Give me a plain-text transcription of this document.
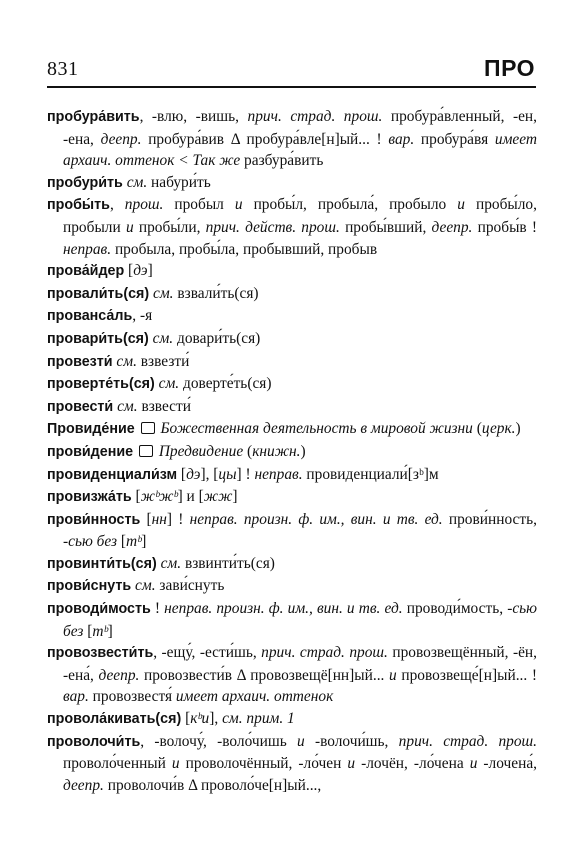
831	ПРО
пробура́вить, -влю, -вишь, прич. страд. прош. пробура́вленный, -ен, -ена, деепр. пробура́вив Δ пробура́вле[н]ый... ! вар. пробура́вя имеет архаич. оттенок < Так же разбура́вить
пробури́ть см. набури́ть
пробы́ть, прош. пробыл и пробы́л, пробыла́, пробыло и пробы́ло, пробыли и пробы́ли, прич. действ. прош. пробы́вший, деепр. пробы́в ! неправ. пробыла, пробы́ла, пробывший, пробыв
прова́йдер [дэ]
провали́ть(ся) см. взвали́ть(ся)
прованса́ль, -я
провари́ть(ся) см. довари́ть(ся)
провезти́ см. взвезти́
проверте́ть(ся) см. доверте́ть(ся)
провести́ см. взвести́
Провиде́ние Божественная деятельность в мировой жизни (церк.)
прови́дение Предвидение (книжн.)
провиденциали́зм [дэ], [цы] ! неправ. провиденциали́[зᵇ]м
провизжа́ть [жᵇжᵇ] и [жж]
прови́нность [нн] ! неправ. произн. ф. им., вин. и тв. ед. прови́нность, -сью без [тᵇ]
провинти́ть(ся) см. взвинти́ть(ся)
прови́снуть см. зави́снуть
проводи́мость ! неправ. произн. ф. им., вин. и тв. ед. проводи́мость, -сью без [тᵇ]
провозвести́ть, -ещу́, -ести́шь, прич. страд. прош. провозвещённый, -ён, -ена́, деепр. провозвести́в Δ провозвещё[нн]ый... и провозвеще́[н]ый... ! вар. провозвестя́ имеет архаич. оттенок
провола́кивать(ся) [кᵇи], см. прим. 1
проволочи́ть, -волочу́, -воло́чишь и -волочи́шь, прич. страд. прош. проволо́ченный и проволочённый, -ло́чен и -лочён, -ло́чена и -лочена́, деепр. проволочи́в Δ проволо́че[н]ый...,
